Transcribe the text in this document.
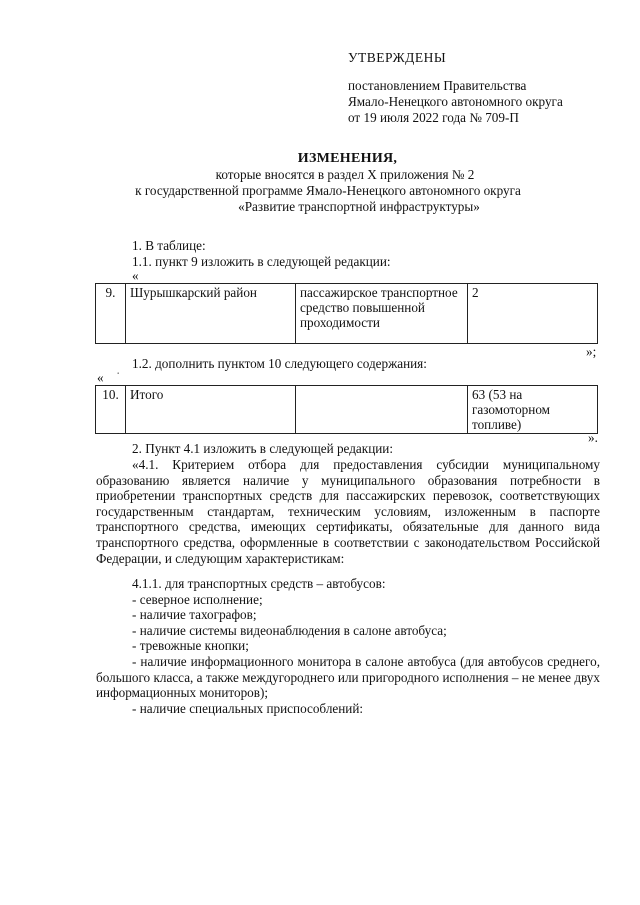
УТВЕРЖДЕНЫ
постановлением Правительства
Ямало-Ненецкого автономного округа
от 19 июля 2022 года № 709-П
ИЗМЕНЕНИЯ,
которые вносятся в раздел X приложения № 2
к государственной программе Ямало-Ненецкого автономного округа
«Развитие транспортной инфраструктуры»
1. В таблице:
1.1. пункт 9 изложить в следующей редакции:
«
9.	Шурышкарский район	пассажирское транспортное средство повышенной проходимости	2
»;
1.2. дополнить пунктом 10 следующего содержания:
« ·
10.	Итого		63 (53 на газомоторном топливе)
».
2. Пункт 4.1 изложить в следующей редакции:

«4.1. Критерием отбора для предоставления субсидии муниципальному образованию является наличие у муниципального образования потребности в приобретении транспортных средств для пассажирских перевозок, соответствующих государственным стандартам, техническим условиям, изложенным в паспорте транспортного средства, имеющих сертификаты, обязательные для данного вида транспортного средства, оформленные в соответствии с законодательством Российской Федерации, и следующим характеристикам:

4.1.1. для транспортных средств – автобусов:
- северное исполнение;
- наличие тахографов;
- наличие системы видеонаблюдения в салоне автобуса;
- тревожные кнопки;

- наличие информационного монитора в салоне автобуса (для автобусов среднего, большого класса, а также междугороднего или пригородного исполнения – не менее двух информационных мониторов);

- наличие специальных приспособлений:
